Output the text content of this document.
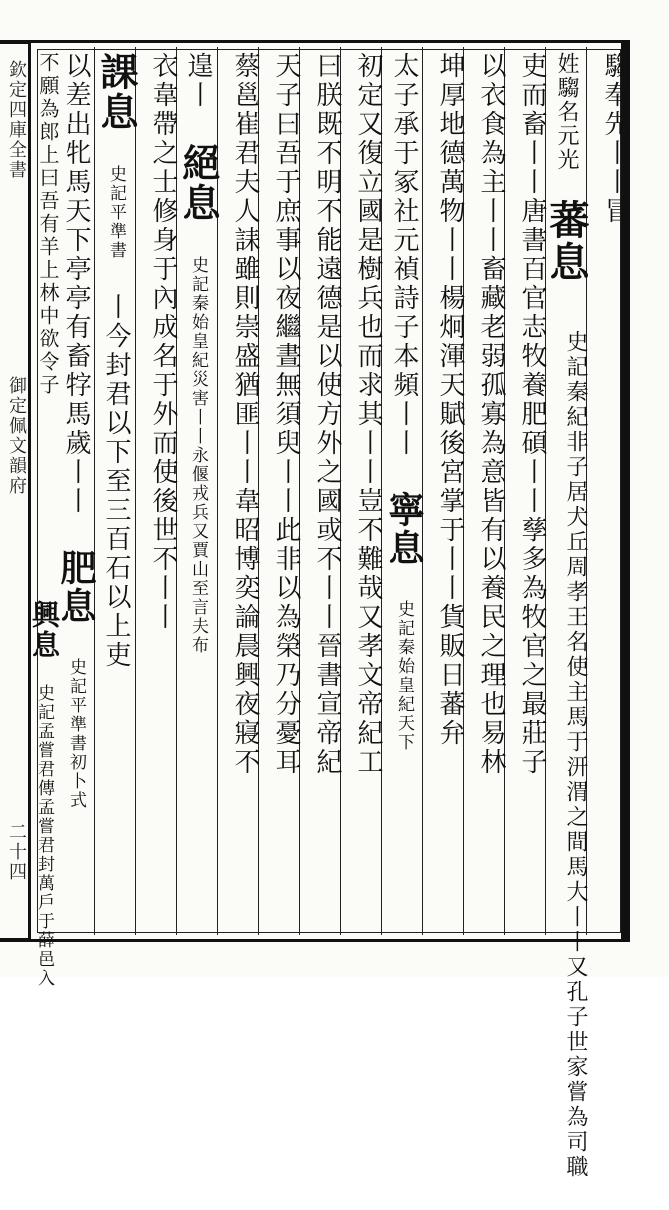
欽定四庫全書  御定佩文韻府  二十四
騶奉先丨丨冒
姓騶名元光 蕃息
史記秦紀非子居犬丘周孝王名使主馬于汧渭之間馬大丨丨又孔子世家嘗為司職
吏而畜丨丨唐書百官志牧養肥碩丨丨孳多為牧官之最莊子
以衣食為主丨丨畜藏老弱孤寡為意皆有以養民之理也易林
坤厚地德萬物丨丨楊炯渾天賦後宮掌于丨丨貨販日蕃弁
太子承于冢社元禎詩子本頻丨丨 寧息 史記秦始皇紀天下
初定又復立國是樹兵也而求其丨丨豈不難哉又孝文帝紀工
曰朕既不明不能遠德是以使方外之國或不丨丨晉書宣帝紀
天子曰吾于庶事以夜繼晝無須臾丨丨此非以為榮乃分憂耳
蔡邕崔君夫人誄雖則崇盛猶匪丨丨韋昭博奕論晨興夜寢不
遑丨 絕息 史記秦始皇紀災害丨丨永偃戎兵又賈山至言夫布
衣韋帶之士修身于內成名于外而使後世不丨丨
課息 史記平準書 丨今封君以下至三百石以上吏
以差出牝馬天下亭亭有畜牸馬歲丨丨 肥息 史記平準書初卜式
不願為郎上曰吾有羊上林中欲令子
興息 史記孟嘗君傳孟嘗君封萬戶于薛邑入
